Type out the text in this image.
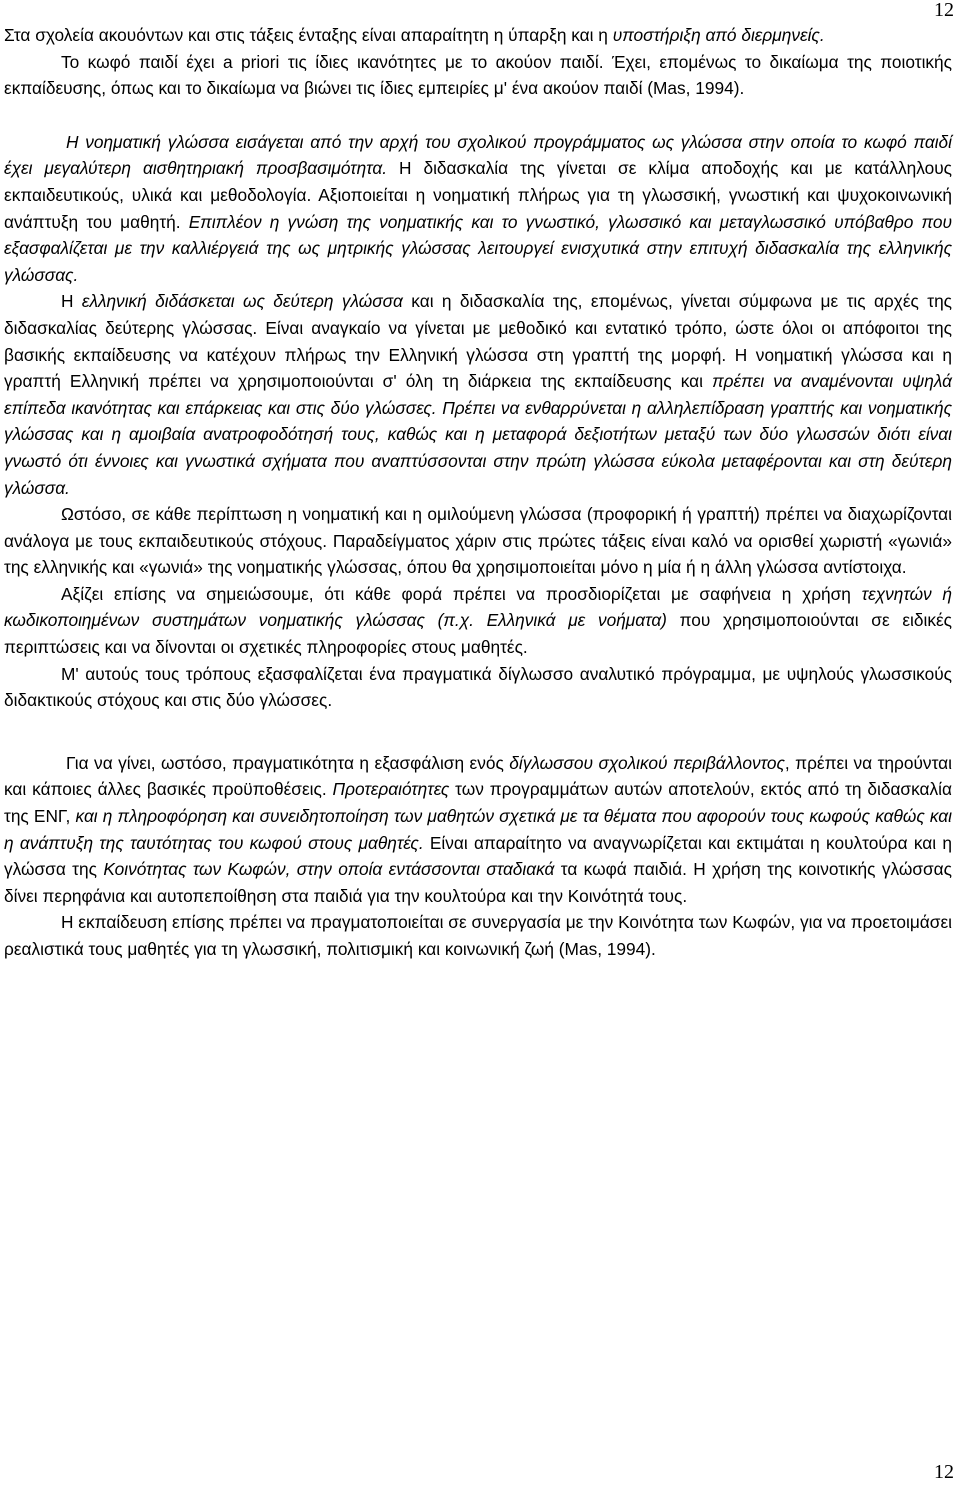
12

Στα σχολεία ακουόντων και στις τάξεις ένταξης είναι απαραίτητη η ύπαρξη και η υποστήριξη από διερμηνείς.

Το κωφό παιδί έχει a priori τις ίδιες ικανότητες με το ακούον παιδί. Έχει, επομένως το δικαίωμα της ποιοτικής εκπαίδευσης, όπως και το δικαίωμα να βιώνει τις ίδιες εμπειρίες μ' ένα ακούον παιδί (Mas, 1994).

Η νοηματική γλώσσα εισάγεται από την αρχή του σχολικού προγράμματος ως γλώσσα στην οποία το κωφό παιδί έχει μεγαλύτερη αισθητηριακή προσβασιμότητα. Η διδασκαλία της γίνεται σε κλίμα αποδοχής και με κατάλληλους εκπαιδευτικούς, υλικά και μεθοδολογία. Αξιοποιείται η νοηματική πλήρως για τη γλωσσική, γνωστική και ψυχοκοινωνική ανάπτυξη του μαθητή. Επιπλέον η γνώση της νοηματικής και το γνωστικό, γλωσσικό και μεταγλωσσικό υπόβαθρο που εξασφαλίζεται με την καλλιέργειά της ως μητρικής γλώσσας λειτουργεί ενισχυτικά στην επιτυχή διδασκαλία της ελληνικής γλώσσας.

Η ελληνική διδάσκεται ως δεύτερη γλώσσα και η διδασκαλία της, επομένως, γίνεται σύμφωνα με τις αρχές της διδασκαλίας δεύτερης γλώσσας. Είναι αναγκαίο να γίνεται με μεθοδικό και εντατικό τρόπο, ώστε όλοι οι απόφοιτοι της βασικής εκπαίδευσης να κατέχουν πλήρως την Ελληνική γλώσσα στη γραπτή της μορφή. Η νοηματική γλώσσα και η γραπτή Ελληνική πρέπει να χρησιμοποιούνται σ' όλη τη διάρκεια της εκπαίδευσης και πρέπει να αναμένονται υψηλά επίπεδα ικανότητας και επάρκειας και στις δύο γλώσσες. Πρέπει να ενθαρρύνεται η αλληλεπίδραση γραπτής και νοηματικής γλώσσας και η αμοιβαία ανατροφοδότησή τους, καθώς και η μεταφορά δεξιοτήτων μεταξύ των δύο γλωσσών διότι είναι γνωστό ότι έννοιες και γνωστικά σχήματα που αναπτύσσονται στην πρώτη γλώσσα εύκολα μεταφέρονται και στη δεύτερη γλώσσα.

Ωστόσο, σε κάθε περίπτωση η νοηματική και η ομιλούμενη γλώσσα (προφορική ή γραπτή) πρέπει να διαχωρίζονται ανάλογα με τους εκπαιδευτικούς στόχους. Παραδείγματος χάριν στις πρώτες τάξεις είναι καλό να ορισθεί χωριστή «γωνιά» της ελληνικής και «γωνιά» της νοηματικής γλώσσας, όπου θα χρησιμοποιείται μόνο η μία ή η άλλη γλώσσα αντίστοιχα.

Αξίζει επίσης να σημειώσουμε, ότι κάθε φορά πρέπει να προσδιορίζεται με σαφήνεια η χρήση τεχνητών ή κωδικοποιημένων συστημάτων νοηματικής γλώσσας (π.χ. Ελληνικά με νοήματα) που χρησιμοποιούνται σε ειδικές περιπτώσεις και να δίνονται οι σχετικές πληροφορίες στους μαθητές.

Μ' αυτούς τους τρόπους εξασφαλίζεται ένα πραγματικά δίγλωσσο αναλυτικό πρόγραμμα, με υψηλούς γλωσσικούς διδακτικούς στόχους και στις δύο γλώσσες.

Για να γίνει, ωστόσο, πραγματικότητα η εξασφάλιση ενός δίγλωσσου σχολικού περιβάλλοντος, πρέπει να τηρούνται και κάποιες άλλες βασικές προϋποθέσεις. Προτεραιότητες των προγραμμάτων αυτών αποτελούν, εκτός από τη διδασκαλία της ΕΝΓ, και η πληροφόρηση και συνειδητοποίηση των μαθητών σχετικά με τα θέματα που αφορούν τους κωφούς καθώς και η ανάπτυξη της ταυτότητας του κωφού στους μαθητές. Είναι απαραίτητο να αναγνωρίζεται και εκτιμάται η κουλτούρα και η γλώσσα της Κοινότητας των Κωφών, στην οποία εντάσσονται σταδιακά τα κωφά παιδιά. Η χρήση της κοινοτικής γλώσσας δίνει περηφάνια και αυτοπεποίθηση στα παιδιά για την κουλτούρα και την Κοινότητά τους.

Η εκπαίδευση επίσης πρέπει να πραγματοποιείται σε συνεργασία με την Κοινότητα των Κωφών, για να προετοιμάσει ρεαλιστικά τους μαθητές για τη γλωσσική, πολιτισμική και κοινωνική ζωή (Mas, 1994).

12
